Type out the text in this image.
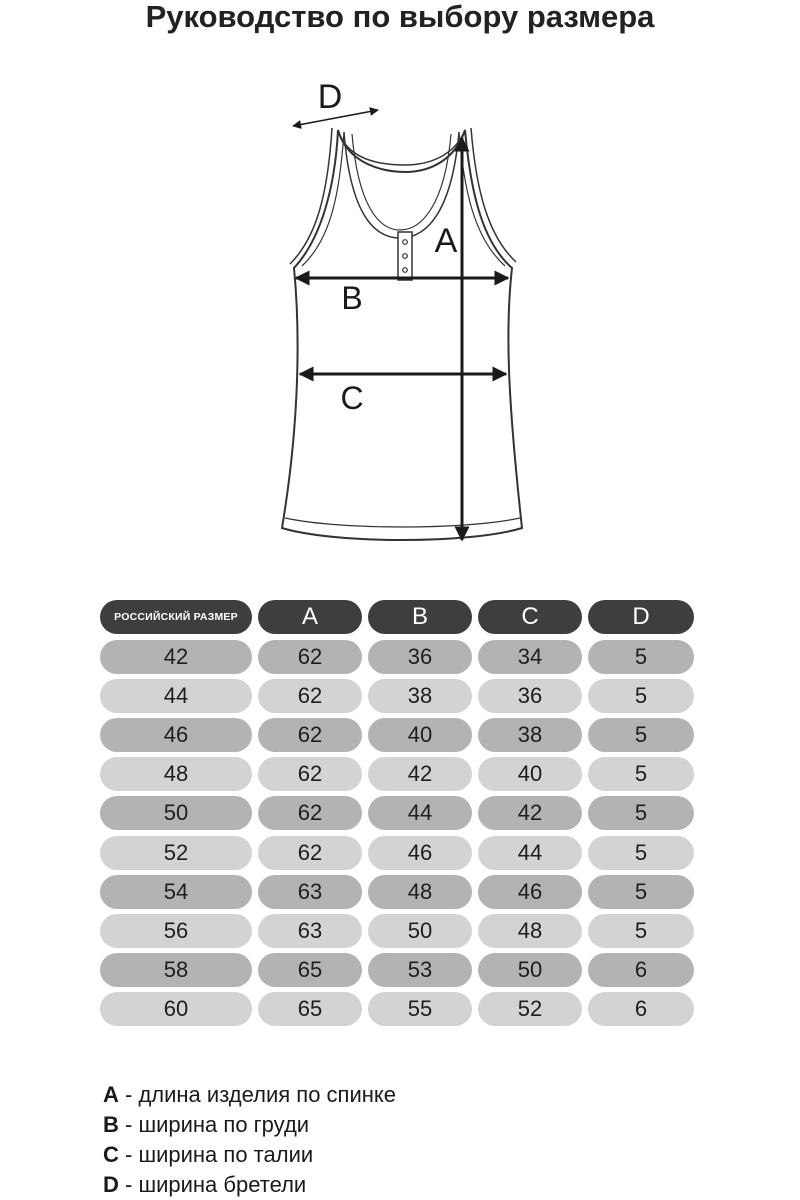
Руководство по выбору размера
A
B
C
D
РОССИЙСКИЙ РАЗМЕР	A	B	C	D
42	62	36	34	5
44	62	38	36	5
46	62	40	38	5
48	62	42	40	5
50	62	44	42	5
52	62	46	44	5
54	63	48	46	5
56	63	50	48	5
58	65	53	50	6
60	65	55	52	6
A - длина изделия по спинке
B - ширина по груди
C - ширина по талии
D - ширина бретели
